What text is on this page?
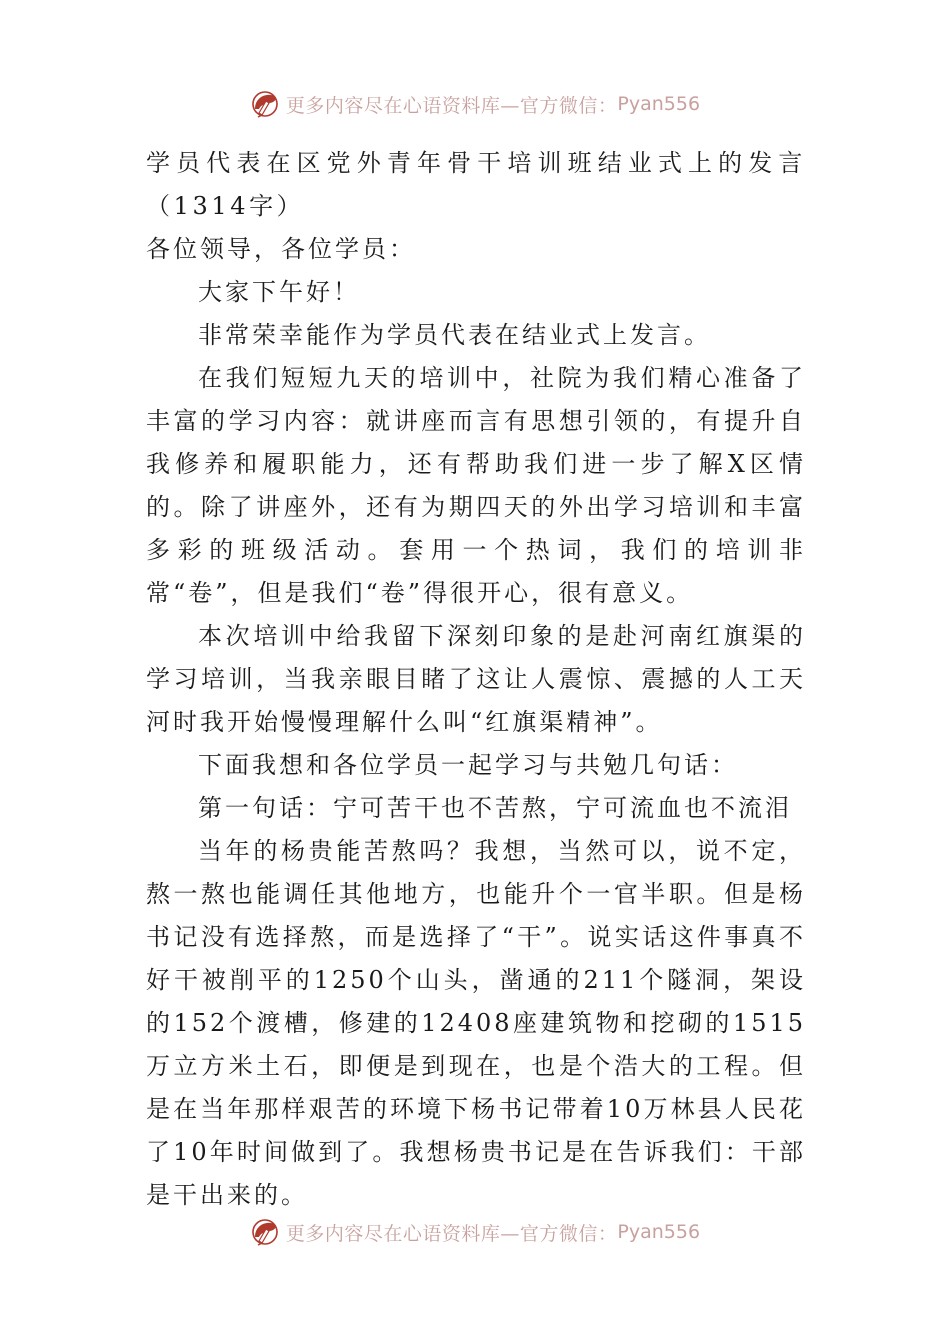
更多内容尽在心语资料库—官方微信： Pyan556

学员代表在区党外青年骨干培训班结业式上的发言（1314字）

各位领导，各位学员：

大家下午好！

非常荣幸能作为学员代表在结业式上发言。

在我们短短九天的培训中，社院为我们精心准备了丰富的学习内容：就讲座而言有思想引领的，有提升自我修养和履职能力，还有帮助我们进一步了解X区情的。除了讲座外，还有为期四天的外出学习培训和丰富多彩的班级活动。套用一个热词，我们的培训非常“卷”，但是我们“卷”得很开心，很有意义。

本次培训中给我留下深刻印象的是赴河南红旗渠的学习培训，当我亲眼目睹了这让人震惊、震撼的人工天河时我开始慢慢理解什么叫“红旗渠精神”。

下面我想和各位学员一起学习与共勉几句话：

第一句话：宁可苦干也不苦熬，宁可流血也不流泪

当年的杨贵能苦熬吗？我想，当然可以，说不定，熬一熬也能调任其他地方，也能升个一官半职。但是杨书记没有选择熬，而是选择了“干”。说实话这件事真不好干被削平的1250个山头，凿通的211个隧洞，架设的152个渡槽，修建的12408座建筑物和挖砌的1515万立方米土石，即便是到现在，也是个浩大的工程。但是在当年那样艰苦的环境下杨书记带着10万林县人民花了10年时间做到了。我想杨贵书记是在告诉我们：干部是干出来的。

更多内容尽在心语资料库—官方微信： Pyan556
